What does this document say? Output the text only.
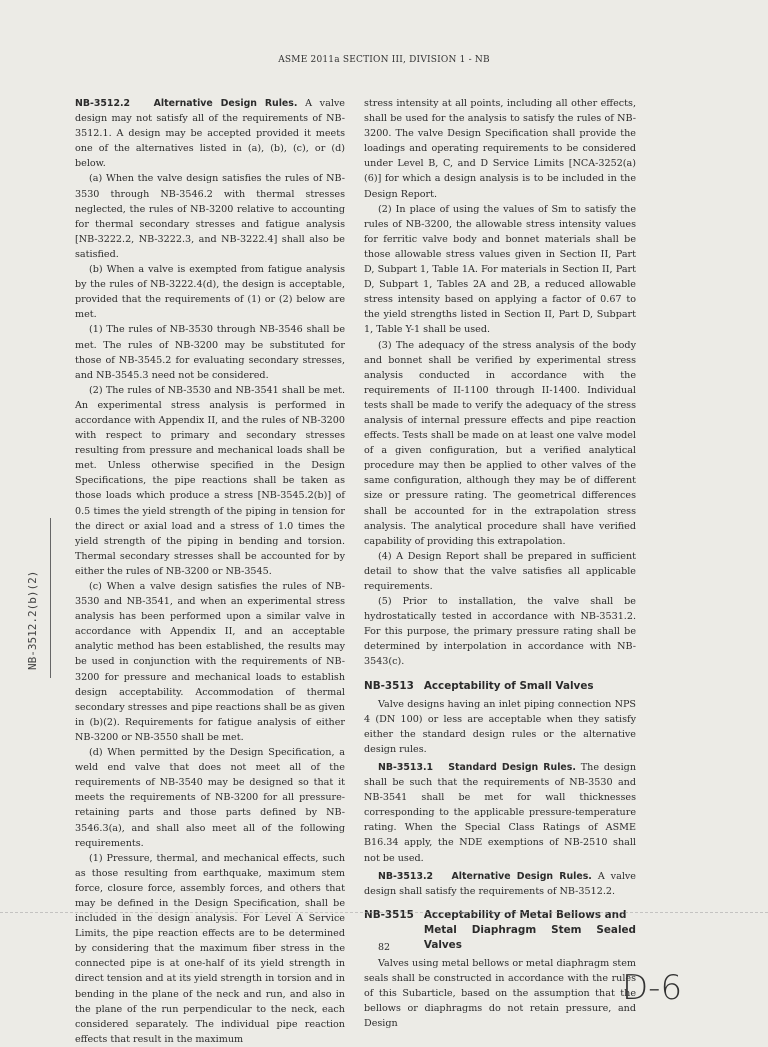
ASME 2011a SECTION III, DIVISION 1 - NB

NB-3512.2	Alternative Design Rules. A valve design may not satisfy all of the requirements of NB-3512.1. A design may be accepted provided it meets one of the alternatives listed in (a), (b), (c), or (d) below.

(a) When the valve design satisfies the rules of NB-3530 through NB-3546.2 with thermal stresses neglected, the rules of NB-3200 relative to accounting for thermal secondary stresses and fatigue analysis [NB-3222.2, NB-3222.3, and NB-3222.4] shall also be satisfied.

(b) When a valve is exempted from fatigue analysis by the rules of NB-3222.4(d), the design is acceptable, provided that the requirements of (1) or (2) below are met.

(1) The rules of NB-3530 through NB-3546 shall be met. The rules of NB-3200 may be substituted for those of NB-3545.2 for evaluating secondary stresses, and NB-3545.3 need not be considered.

(2) The rules of NB-3530 and NB-3541 shall be met. An experimental stress analysis is performed in accordance with Appendix II, and the rules of NB-3200 with respect to primary and secondary stresses resulting from pressure and mechanical loads shall be met. Unless otherwise specified in the Design Specifications, the pipe reactions shall be taken as those loads which produce a stress [NB-3545.2(b)] of 0.5 times the yield strength of the piping in tension for the direct or axial load and a stress of 1.0 times the yield strength of the piping in bending and torsion. Thermal secondary stresses shall be accounted for by either the rules of NB-3200 or NB-3545.

(c) When a valve design satisfies the rules of NB-3530 and NB-3541, and when an experimental stress analysis has been performed upon a similar valve in accordance with Appendix II, and an acceptable analytic method has been established, the results may be used in conjunction with the requirements of NB-3200 for pressure and mechanical loads to establish design acceptability. Accommodation of thermal secondary stresses and pipe reactions shall be as given in (b)(2). Requirements for fatigue analysis of either NB-3200 or NB-3550 shall be met.

(d) When permitted by the Design Specification, a weld end valve that does not meet all of the requirements of NB-3540 may be designed so that it meets the requirements of NB-3200 for all pressure-retaining parts and those parts defined by NB-3546.3(a), and shall also meet all of the following requirements.

(1) Pressure, thermal, and mechanical effects, such as those resulting from earthquake, maximum stem force, closure force, assembly forces, and others that may be defined in the Design Specification, shall be included in the design analysis. For Level A Service Limits, the pipe reaction effects are to be determined by considering that the maximum fiber stress in the connected pipe is at one-half of its yield strength in direct tension and at its yield strength in torsion and in bending in the plane of the neck and run, and also in the plane of the run perpendicular to the neck, each considered separately. The individual pipe reaction effects that result in the maximum

stress intensity at all points, including all other effects, shall be used for the analysis to satisfy the rules of NB-3200. The valve Design Specification shall provide the loadings and operating requirements to be considered under Level B, C, and D Service Limits [NCA-3252(a)(6)] for which a design analysis is to be included in the Design Report.

(2) In place of using the values of Sm to satisfy the rules of NB-3200, the allowable stress intensity values for ferritic valve body and bonnet materials shall be those allowable stress values given in Section II, Part D, Subpart 1, Table 1A. For materials in Section II, Part D, Subpart 1, Tables 2A and 2B, a reduced allowable stress intensity based on applying a factor of 0.67 to the yield strengths listed in Section II, Part D, Subpart 1, Table Y-1 shall be used.

(3) The adequacy of the stress analysis of the body and bonnet shall be verified by experimental stress analysis conducted in accordance with the requirements of II-1100 through II-1400. Individual tests shall be made to verify the adequacy of the stress analysis of internal pressure effects and pipe reaction effects. Tests shall be made on at least one valve model of a given configuration, but a verified analytical procedure may then be applied to other valves of the same configuration, although they may be of different size or pressure rating. The geometrical differences shall be accounted for in the extrapolation stress analysis. The analytical procedure shall have verified capability of providing this extrapolation.

(4) A Design Report shall be prepared in sufficient detail to show that the valve satisfies all applicable requirements.

(5) Prior to installation, the valve shall be hydrostatically tested in accordance with NB-3531.2. For this purpose, the primary pressure rating shall be determined by interpolation in accordance with NB-3543(c).

NB-3513 Acceptability of Small Valves

Valve designs having an inlet piping connection NPS 4 (DN 100) or less are acceptable when they satisfy either the standard design rules or the alternative design rules.

NB-3513.1 Standard Design Rules. The design shall be such that the requirements of NB-3530 and NB-3541 shall be met for wall thicknesses corresponding to the applicable pressure-temperature rating. When the Special Class Ratings of ASME B16.34 apply, the NDE exemptions of NB-2510 shall not be used.

NB-3513.2 Alternative Design Rules. A valve design shall satisfy the requirements of NB-3512.2.

NB-3515 Acceptability of Metal Bellows and
Metal Diaphragm Stem Sealed Valves

Valves using metal bellows or metal diaphragm stem seals shall be constructed in accordance with the rules of this Subarticle, based on the assumption that the bellows or diaphragms do not retain pressure, and Design

82
NB-3512.2(b)(2)
D-6
